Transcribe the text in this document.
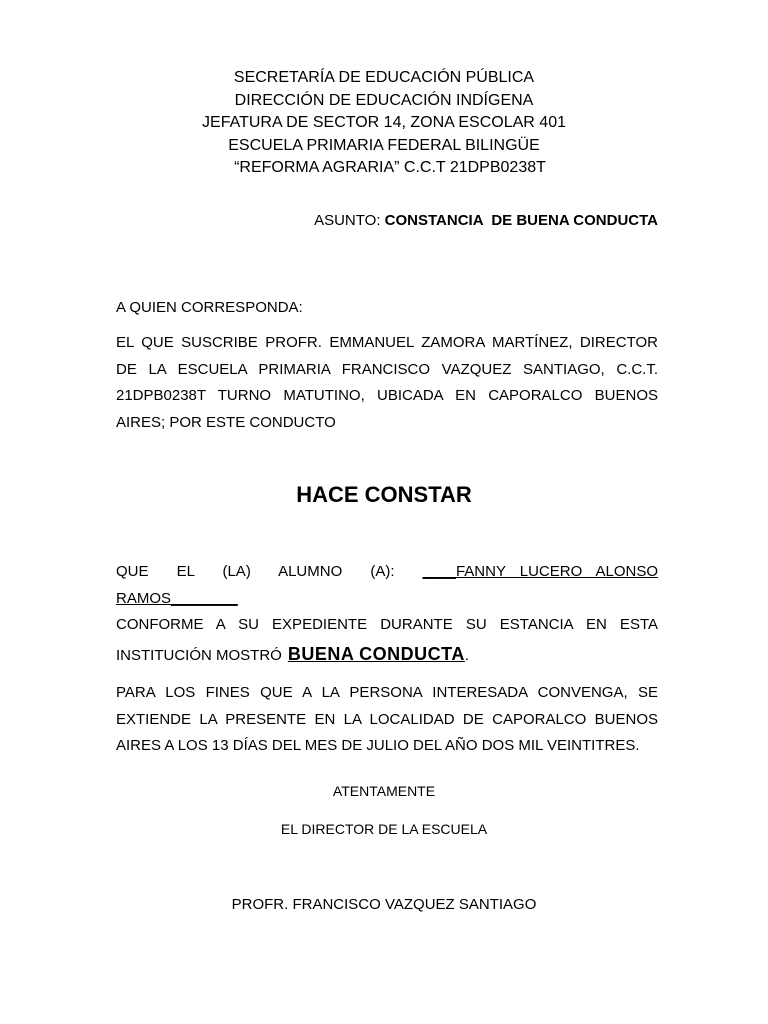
SECRETARÍA DE EDUCACIÓN PÚBLICA
DIRECCIÓN DE EDUCACIÓN INDÍGENA
JEFATURA DE SECTOR 14, ZONA ESCOLAR 401
ESCUELA PRIMARIA FEDERAL BILINGÜE
“REFORMA AGRARIA” C.C.T 21DPB0238T
ASUNTO: CONSTANCIA  DE BUENA CONDUCTA
A QUIEN CORRESPONDA:
EL QUE SUSCRIBE PROFR. EMMANUEL ZAMORA MARTÍNEZ, DIRECTOR DE LA ESCUELA PRIMARIA FRANCISCO VAZQUEZ SANTIAGO, C.C.T. 21DPB0238T TURNO MATUTINO, UBICADA EN CAPORALCO BUENOS AIRES; POR ESTE CONDUCTO
HACE CONSTAR
QUE  EL  (LA)  ALUMNO  (A):  ____FANNY LUCERO ALONSO RAMOS________
CONFORME  A  SU  EXPEDIENTE  DURANTE  SU  ESTANCIA  EN  ESTA
INSTITUCIÓN MOSTRÓ BUENA CONDUCTA.
PARA LOS FINES QUE A LA PERSONA INTERESADA CONVENGA, SE EXTIENDE LA PRESENTE EN LA LOCALIDAD DE CAPORALCO BUENOS AIRES A LOS 13 DÍAS DEL MES DE JULIO DEL AÑO DOS MIL VEINTITRES.
ATENTAMENTE
EL DIRECTOR DE LA ESCUELA
PROFR. FRANCISCO VAZQUEZ SANTIAGO
